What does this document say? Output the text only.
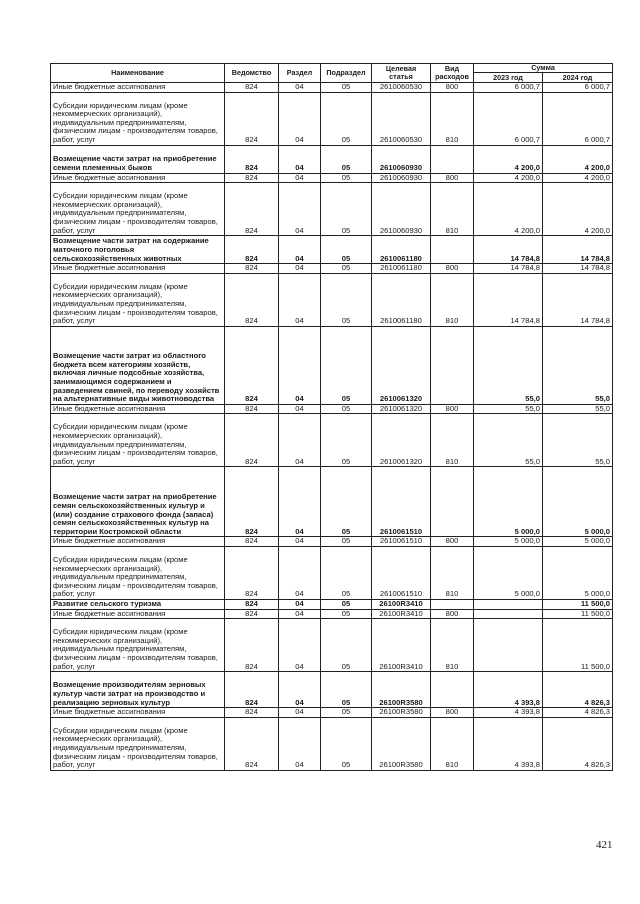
Наименование	Ведомство	Раздел	Подраздел	Целевая статья	Вид расходов	Сумма	
						2023 год	2024 год
Иные бюджетные ассигнования	824	04	05	2610060530	800	6 000,7	6 000,7
Субсидии юридическим лицам (кроме некоммерческих организаций), индивидуальным предпринимателям, физическим лицам - производителям товаров, работ, услуг	824	04	05	2610060530	810	6 000,7	6 000,7
Возмещение части затрат на приобретение семени племенных быков	824	04	05	2610060930		4 200,0	4 200,0
Иные бюджетные ассигнования	824	04	05	2610060930	800	4 200,0	4 200,0
Субсидии юридическим лицам (кроме некоммерческих организаций), индивидуальным предпринимателям, физическим лицам - производителям товаров, работ, услуг	824	04	05	2610060930	810	4 200,0	4 200,0
Возмещение части затрат на содержание маточного поголовья сельскохозяйственных животных	824	04	05	2610061180		14 784,8	14 784,8
Иные бюджетные ассигнования	824	04	05	2610061180	800	14 784,8	14 784,8
Субсидии юридическим лицам (кроме некоммерческих организаций), индивидуальным предпринимателям, физическим лицам - производителям товаров, работ, услуг	824	04	05	2610061180	810	14 784,8	14 784,8
Возмещение части затрат из областного бюджета всем категориям хозяйств, включая личные подсобные хозяйства, занимающимся содержанием и разведением свиней, по переводу хозяйств на альтернативные виды животноводства	824	04	05	2610061320		55,0	55,0
Иные бюджетные ассигнования	824	04	05	2610061320	800	55,0	55,0
Субсидии юридическим лицам (кроме некоммерческих организаций), индивидуальным предпринимателям, физическим лицам - производителям товаров, работ, услуг	824	04	05	2610061320	810	55,0	55,0
Возмещение части затрат на приобретение семян сельскохозяйственных культур и (или) создание страхового фонда (запаса) семян сельскохозяйственных культур на территории Костромской области	824	04	05	2610061510		5 000,0	5 000,0
Иные бюджетные ассигнования	824	04	05	2610061510	800	5 000,0	5 000,0
Субсидии юридическим лицам (кроме некоммерческих организаций), индивидуальным предпринимателям, физическим лицам - производителям товаров, работ, услуг	824	04	05	2610061510	810	5 000,0	5 000,0
Развитие сельского туризма	824	04	05	26100R3410			11 500,0
Иные бюджетные ассигнования	824	04	05	26100R3410	800		11 500,0
Субсидии юридическим лицам (кроме некоммерческих организаций), индивидуальным предпринимателям, физическим лицам - производителям товаров, работ, услуг	824	04	05	26100R3410	810		11 500,0
Возмещение производителям зерновых культур части затрат на производство и реализацию зерновых культур	824	04	05	26100R3580		4 393,8	4 826,3
Иные бюджетные ассигнования	824	04	05	26100R3580	800	4 393,8	4 826,3
Субсидии юридическим лицам (кроме некоммерческих организаций), индивидуальным предпринимателям, физическим лицам - производителям товаров, работ, услуг	824	04	05	26100R3580	810	4 393,8	4 826,3
421
